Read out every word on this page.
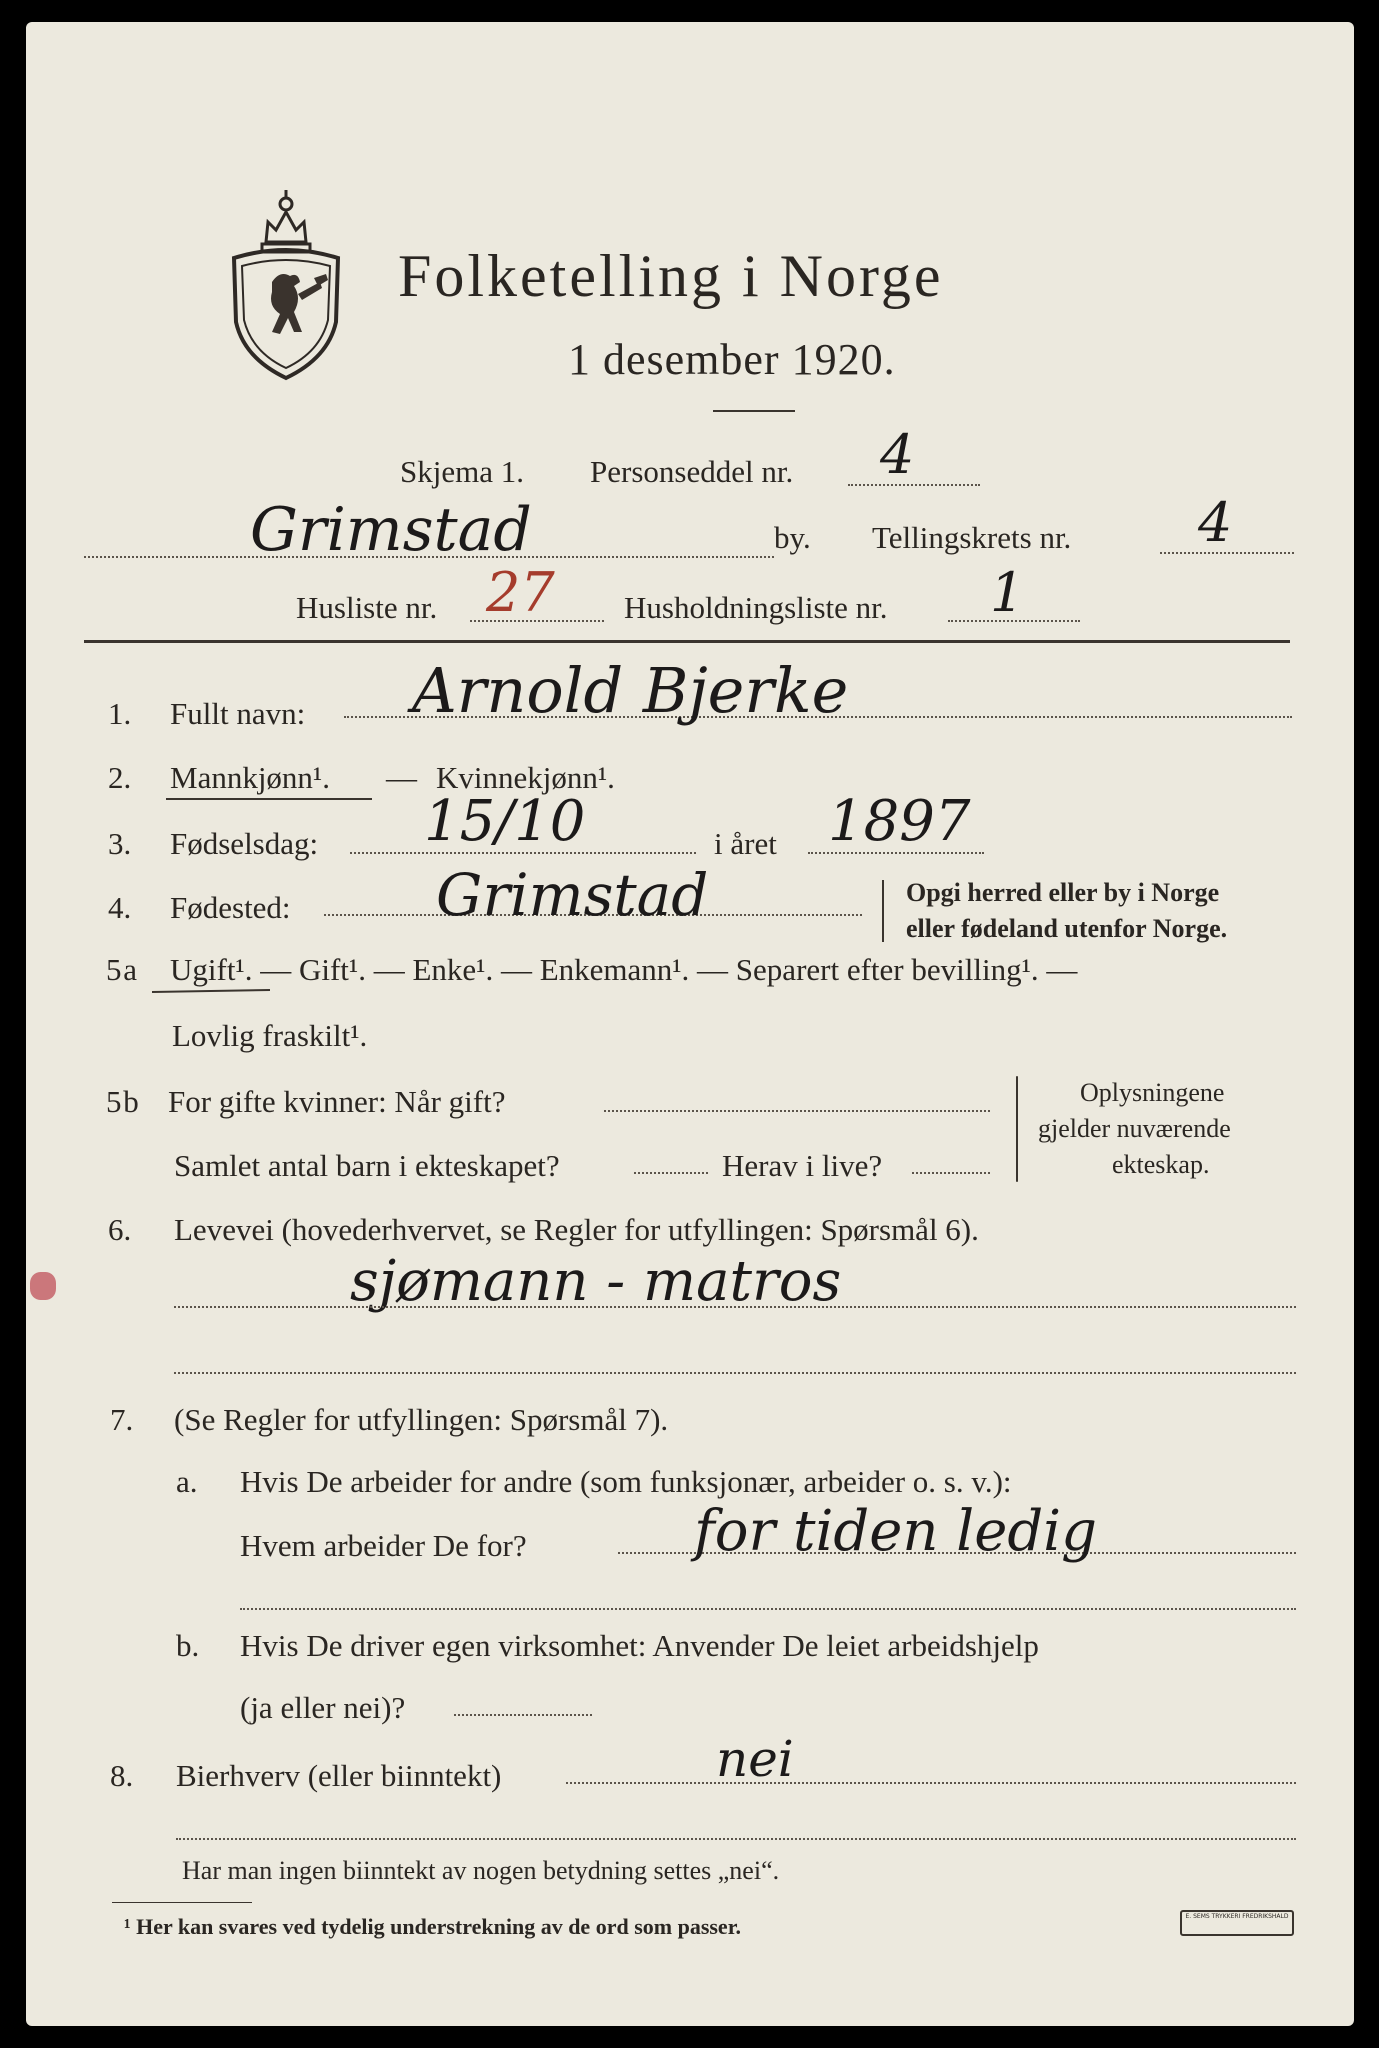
Folketelling i Norge
1 desember 1920.
Skjema 1. Personseddel nr. 4
Grimstad	by. Tellingskrets nr. 4
Husliste nr. 27 Husholdningsliste nr. 1
1. Fullt navn: Arnold Bjerke
2. Mannkjønn¹. — Kvinnekjønn¹.
3. Fødselsdag: 15/10	i året 1897
4. Fødested:	Grimstad	Opgi herred eller by i Norge
eller fødeland utenfor Norge.
5 a Ugift¹. — Gift¹. — Enke¹. — Enkemann¹. — Separert efter bevilling¹. —
Lovlig fraskilt¹.
5 b For gifte kvinner: Når gift?
Samlet antal barn i ekteskapet?	Herav i live?
Oplysningene
gjelder nuværende
ekteskap.
6. Levevei (hovederhvervet, se Regler for utfyllingen: Spørsmål 6).
sjømann - matros
7. (Se Regler for utfyllingen: Spørsmål 7).
a. Hvis De arbeider for andre (som funksjonær, arbeider o. s. v.):
Hvem arbeider De for?	for tiden ledig
b. Hvis De driver egen virksomhet: Anvender De leiet arbeidshjelp
(ja eller nei)?
8. Bierhverv (eller biinntekt)	nei
Har man ingen biinntekt av nogen betydning settes „nei“.
¹ Her kan svares ved tydelig understrekning av de ord som passer.	E. SEMS TRYKKERI FREDRIKSHALD
